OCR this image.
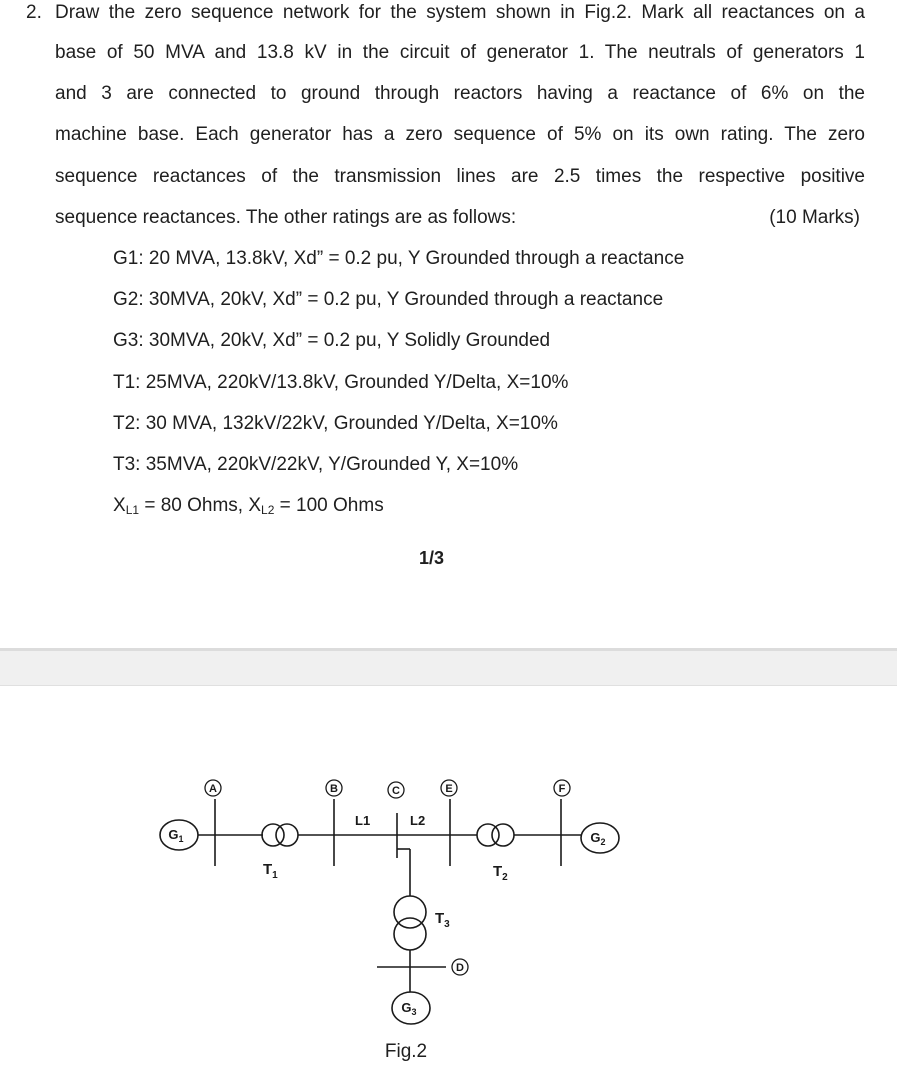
2. Draw the zero sequence network for the system shown in Fig.2. Mark all reactances on a
base of 50 MVA and 13.8 kV in the circuit of generator 1. The neutrals of generators 1
and 3 are connected to ground through reactors having a reactance of 6% on the
machine base. Each generator has a zero sequence of 5% on its own rating. The zero
sequence reactances of the transmission lines are 2.5 times the respective positive
sequence reactances. The other ratings are as follows:	(10 Marks)
G1: 20 MVA, 13.8kV, Xd” = 0.2 pu, Y Grounded through a reactance
G2: 30MVA, 20kV, Xd” = 0.2 pu, Y Grounded through a reactance
G3: 30MVA, 20kV, Xd” = 0.2 pu, Y Solidly Grounded
T1: 25MVA, 220kV/13.8kV, Grounded Y/Delta, X=10%
T2: 30 MVA, 132kV/22kV, Grounded Y/Delta, X=10%
T3: 35MVA, 220kV/22kV, Y/Grounded Y, X=10%
$X_{L1} = 80$ Ohms, $X_{L2} = 100$ Ohms
1/3
A	B	C	E	F
D
$G_1$	$G_2$
$G_3$
$T_1$	$T_2$
$T_3$
L1	L2
Fig.2
